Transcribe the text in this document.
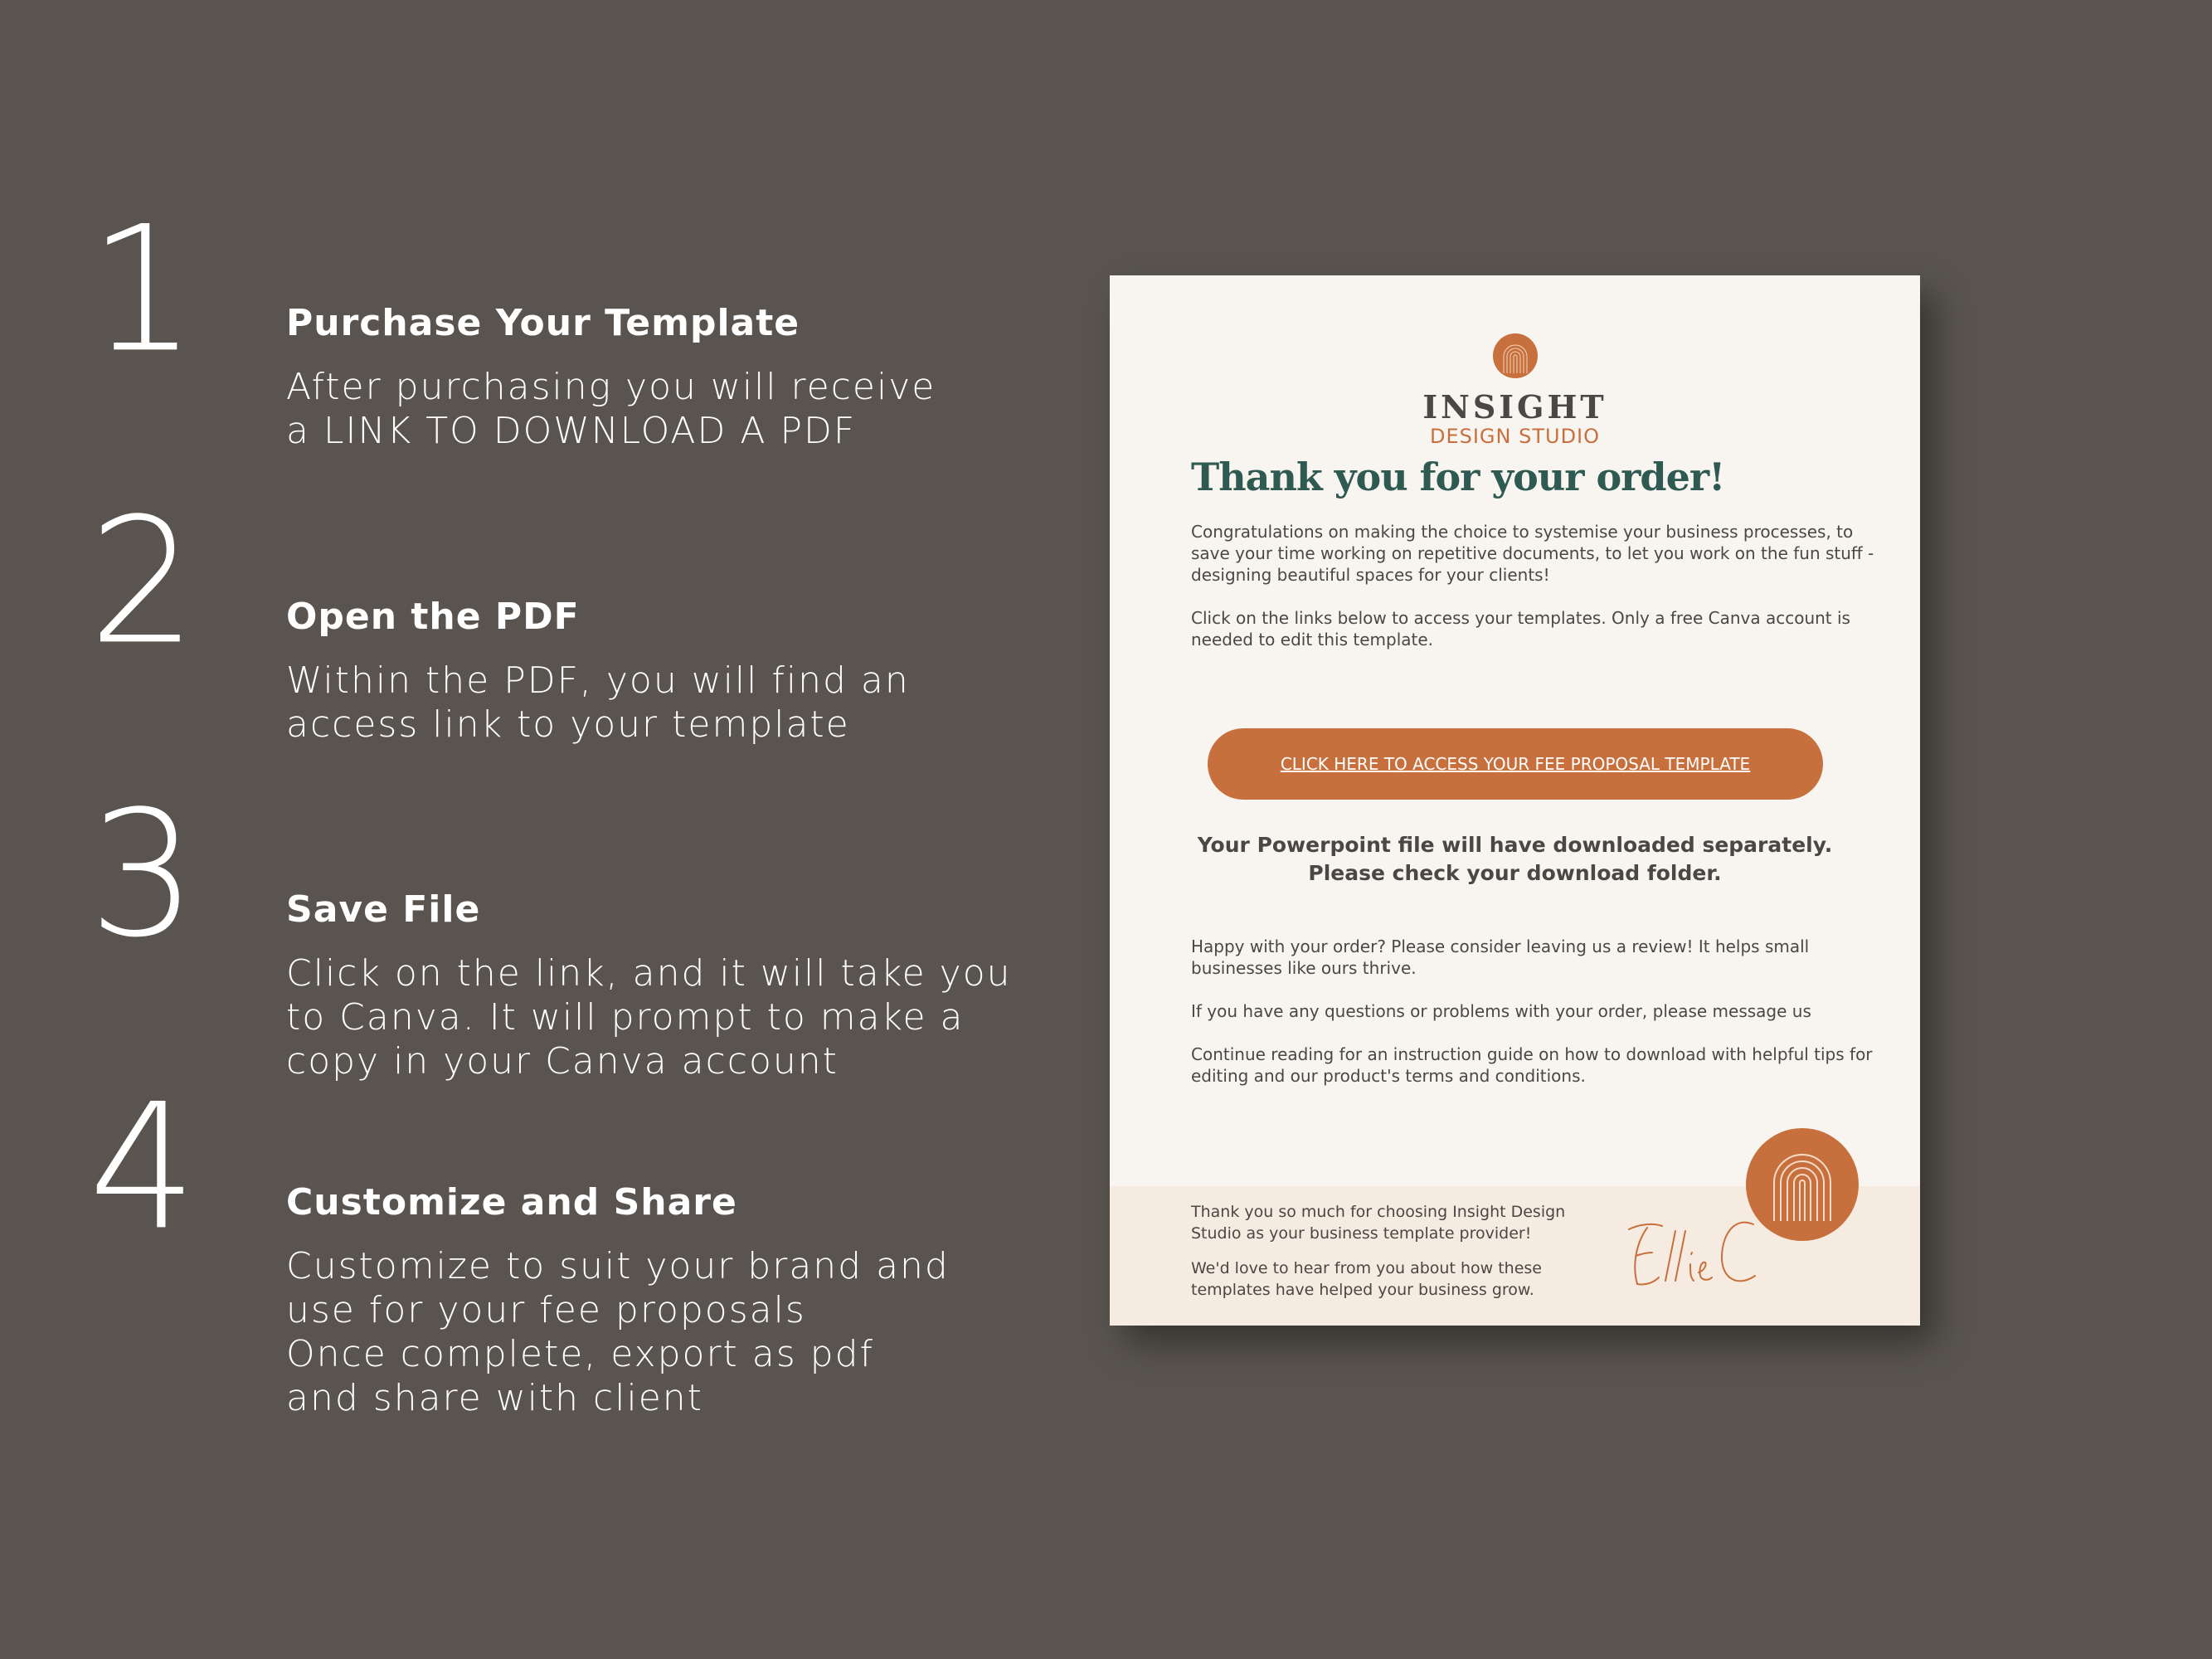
1	Purchase Your Template
After purchasing you will receive
a LINK TO DOWNLOAD A PDF
2	Open the PDF
Within the PDF, you will find an
access link to your template
3	Save File
Click on the link, and it will take you
to Canva. It will prompt to make a
copy in your Canva account
4	Customize and Share
Customize to suit your brand and
use for your fee proposals
Once complete, export as pdf
and share with client
INSIGHT
DESIGN STUDIO
Thank you for your order!
Congratulations on making the choice to systemise your business processes, to
save your time working on repetitive documents, to let you work on the fun stuff -
designing beautiful spaces for your clients!
Click on the links below to access your templates. Only a free Canva account is
needed to edit this template.
CLICK HERE TO ACCESS YOUR FEE PROPOSAL TEMPLATE
Your Powerpoint file will have downloaded separately.
Please check your download folder.
Happy with your order? Please consider leaving us a review! It helps small
businesses like ours thrive.
If you have any questions or problems with your order, please message us
Continue reading for an instruction guide on how to download with helpful tips for
editing and our product's terms and conditions.
Thank you so much for choosing Insight Design
Studio as your business template provider!
We'd love to hear from you about how these
templates have helped your business grow.
